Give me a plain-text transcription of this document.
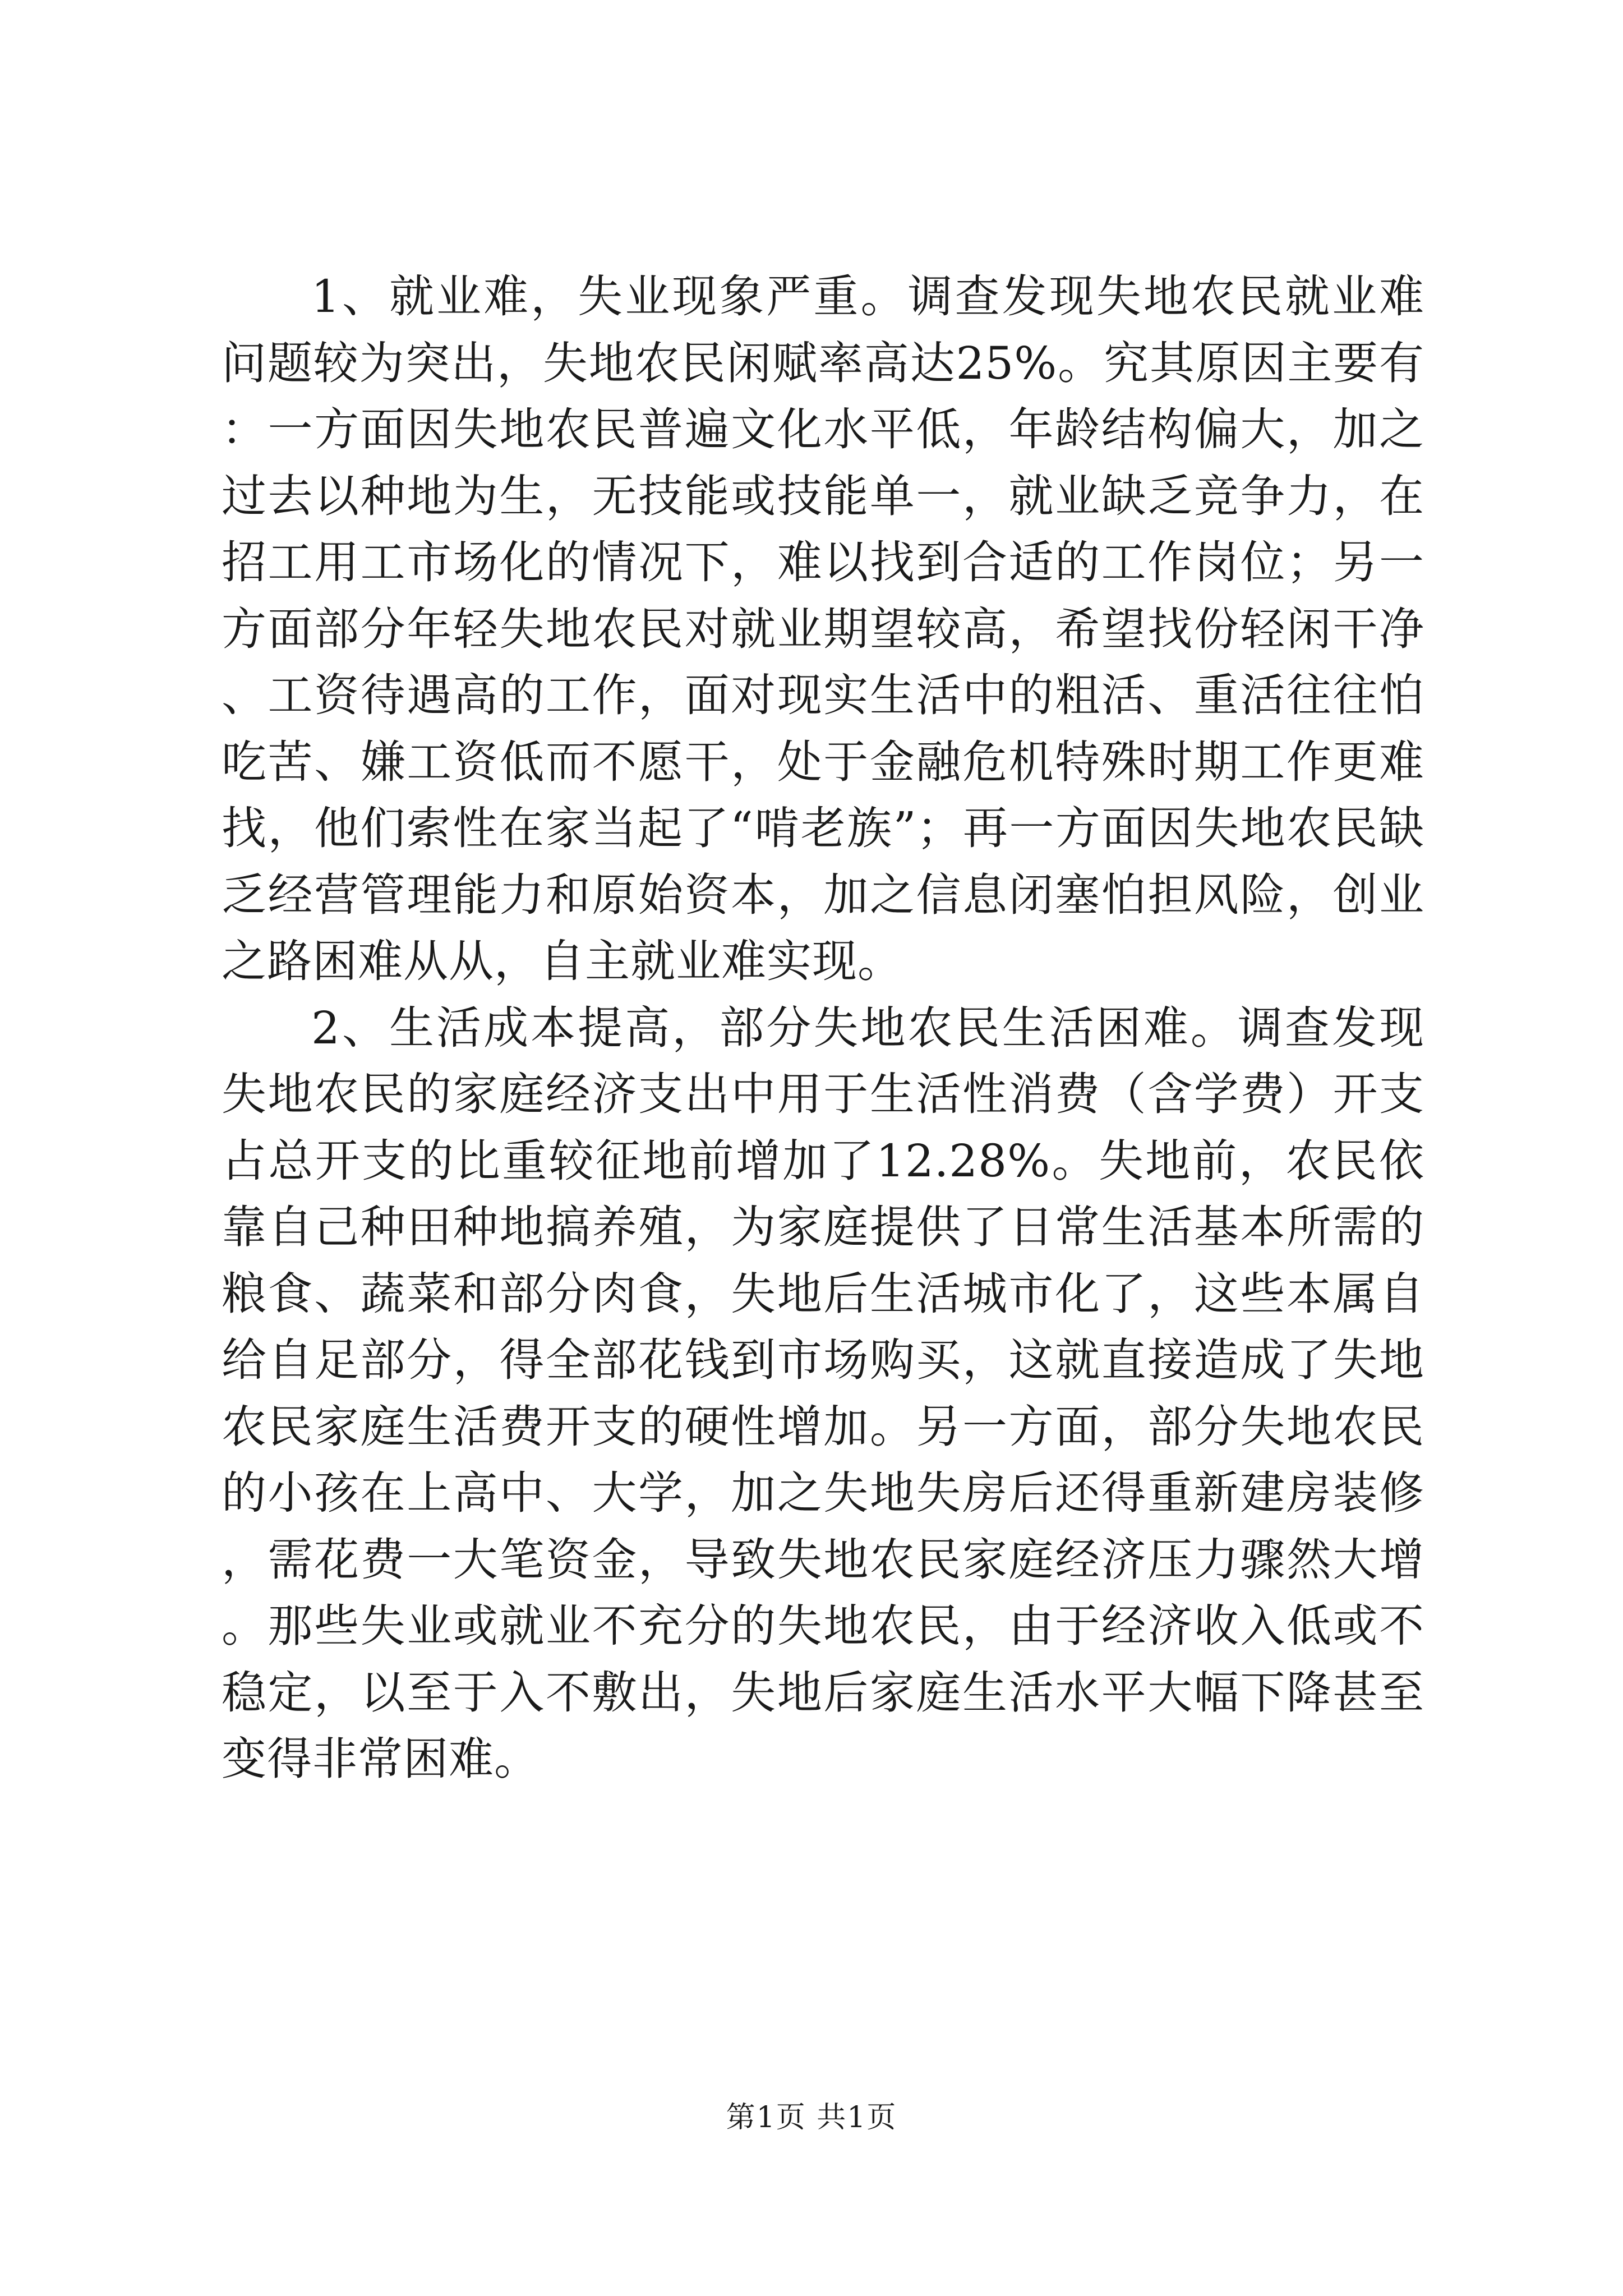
1、就业难，失业现象严重。调查发现失地农民就业难问题较为突出，失地农民闲赋率高达25%。究其原因主要有：一方面因失地农民普遍文化水平低，年龄结构偏大，加之过去以种地为生，无技能或技能单一，就业缺乏竞争力，在招工用工市场化的情况下，难以找到合适的工作岗位；另一方面部分年轻失地农民对就业期望较高，希望找份轻闲干净、工资待遇高的工作，面对现实生活中的粗活、重活往往怕吃苦、嫌工资低而不愿干，处于金融危机特殊时期工作更难找，他们索性在家当起了“啃老族”；再一方面因失地农民缺乏经营管理能力和原始资本，加之信息闭塞怕担风险，创业之路困难从从，自主就业难实现。

2、生活成本提高，部分失地农民生活困难。调查发现失地农民的家庭经济支出中用于生活性消费（含学费）开支占总开支的比重较征地前增加了12.28%。失地前，农民依靠自己种田种地搞养殖，为家庭提供了日常生活基本所需的粮食、蔬菜和部分肉食，失地后生活城市化了，这些本属自给自足部分，得全部花钱到市场购买，这就直接造成了失地农民家庭生活费开支的硬性增加。另一方面，部分失地农民的小孩在上高中、大学，加之失地失房后还得重新建房装修，需花费一大笔资金，导致失地农民家庭经济压力骤然大增。那些失业或就业不充分的失地农民，由于经济收入低或不稳定，以至于入不敷出，失地后家庭生活水平大幅下降甚至变得非常困难。

第1页 共1页
